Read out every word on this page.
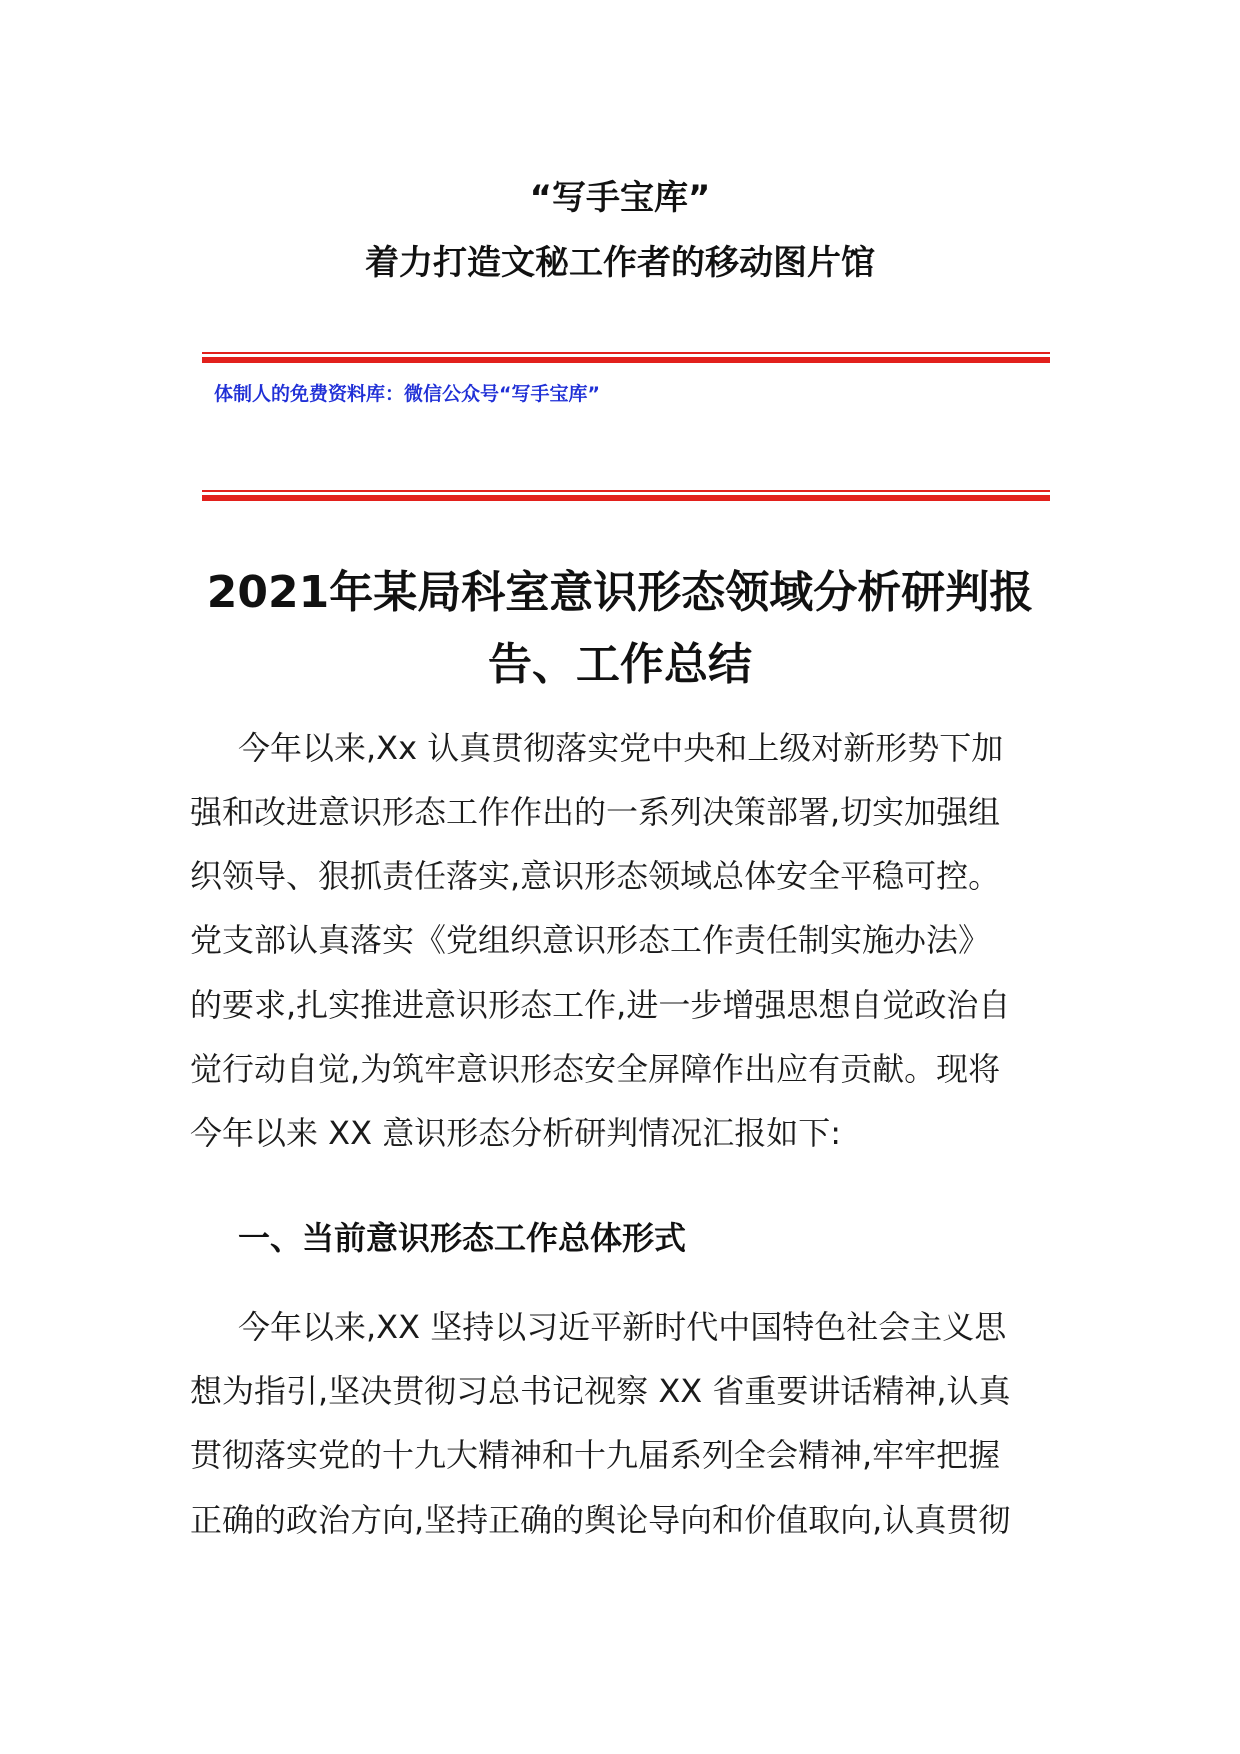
“写手宝库”
着力打造文秘工作者的移动图片馆
体制人的免费资料库：微信公众号“写手宝库”
2021年某局科室意识形态领域分析研判报
告、工作总结
今年以来,Xx 认真贯彻落实党中央和上级对新形势下加
强和改进意识形态工作作出的一系列决策部署,切实加强组
织领导、狠抓责任落实,意识形态领域总体安全平稳可控。
党支部认真落实《党组织意识形态工作责任制实施办法》
的要求,扎实推进意识形态工作,进一步增强思想自觉政治自
觉行动自觉,为筑牢意识形态安全屏障作出应有贡献。现将
今年以来 XX 意识形态分析研判情况汇报如下:
一、当前意识形态工作总体形式
今年以来,XX 坚持以习近平新时代中国特色社会主义思
想为指引,坚决贯彻习总书记视察 XX 省重要讲话精神,认真
贯彻落实党的十九大精神和十九届系列全会精神,牢牢把握
正确的政治方向,坚持正确的舆论导向和价值取向,认真贯彻
